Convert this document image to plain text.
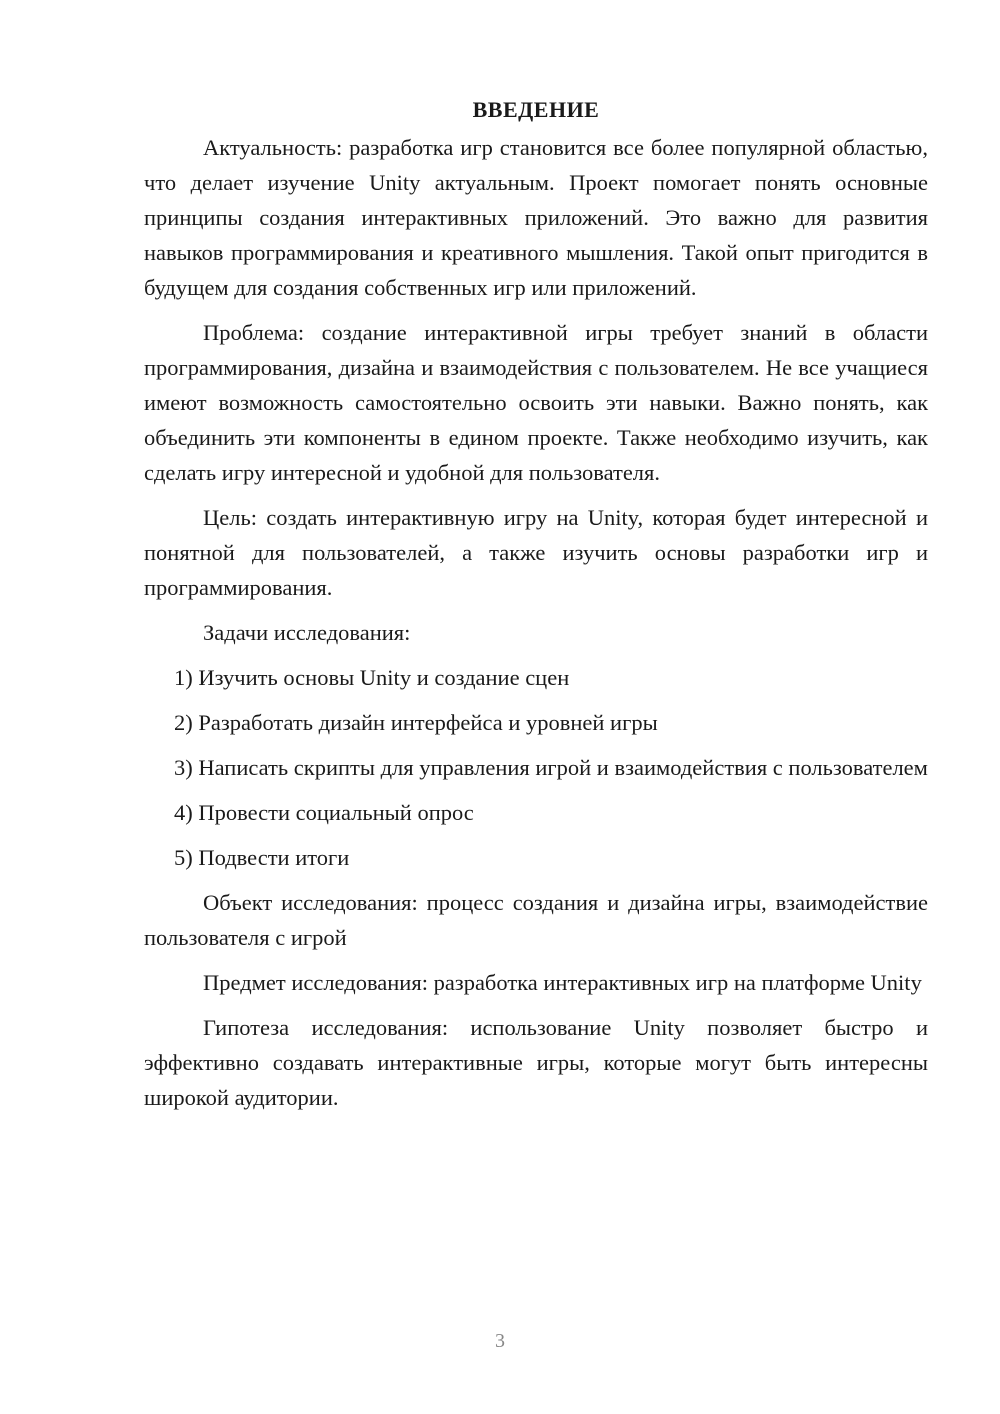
ВВЕДЕНИЕ

Актуальность: разработка игр становится все более популярной областью, что делает изучение Unity актуальным. Проект помогает понять основные принципы создания интерактивных приложений. Это важно для развития навыков программирования и креативного мышления. Такой опыт пригодится в будущем для создания собственных игр или приложений.

Проблема: создание интерактивной игры требует знаний в области программирования, дизайна и взаимодействия с пользователем. Не все учащиеся имеют возможность самостоятельно освоить эти навыки. Важно понять, как объединить эти компоненты в едином проекте. Также необходимо изучить, как сделать игру интересной и удобной для пользователя.

Цель: создать интерактивную игру на Unity, которая будет интересной и понятной для пользователей, а также изучить основы разработки игр и программирования.

Задачи исследования:

1) Изучить основы Unity и создание сцен

2) Разработать дизайн интерфейса и уровней игры

3) Написать скрипты для управления игрой и взаимодействия с пользователем

4) Провести социальный опрос

5) Подвести итоги

Объект исследования: процесс создания и дизайна игры, взаимодействие пользователя с игрой

Предмет исследования: разработка интерактивных игр на платформе Unity

Гипотеза исследования: использование Unity позволяет быстро и эффективно создавать интерактивные игры, которые могут быть интересны широкой аудитории.

3
